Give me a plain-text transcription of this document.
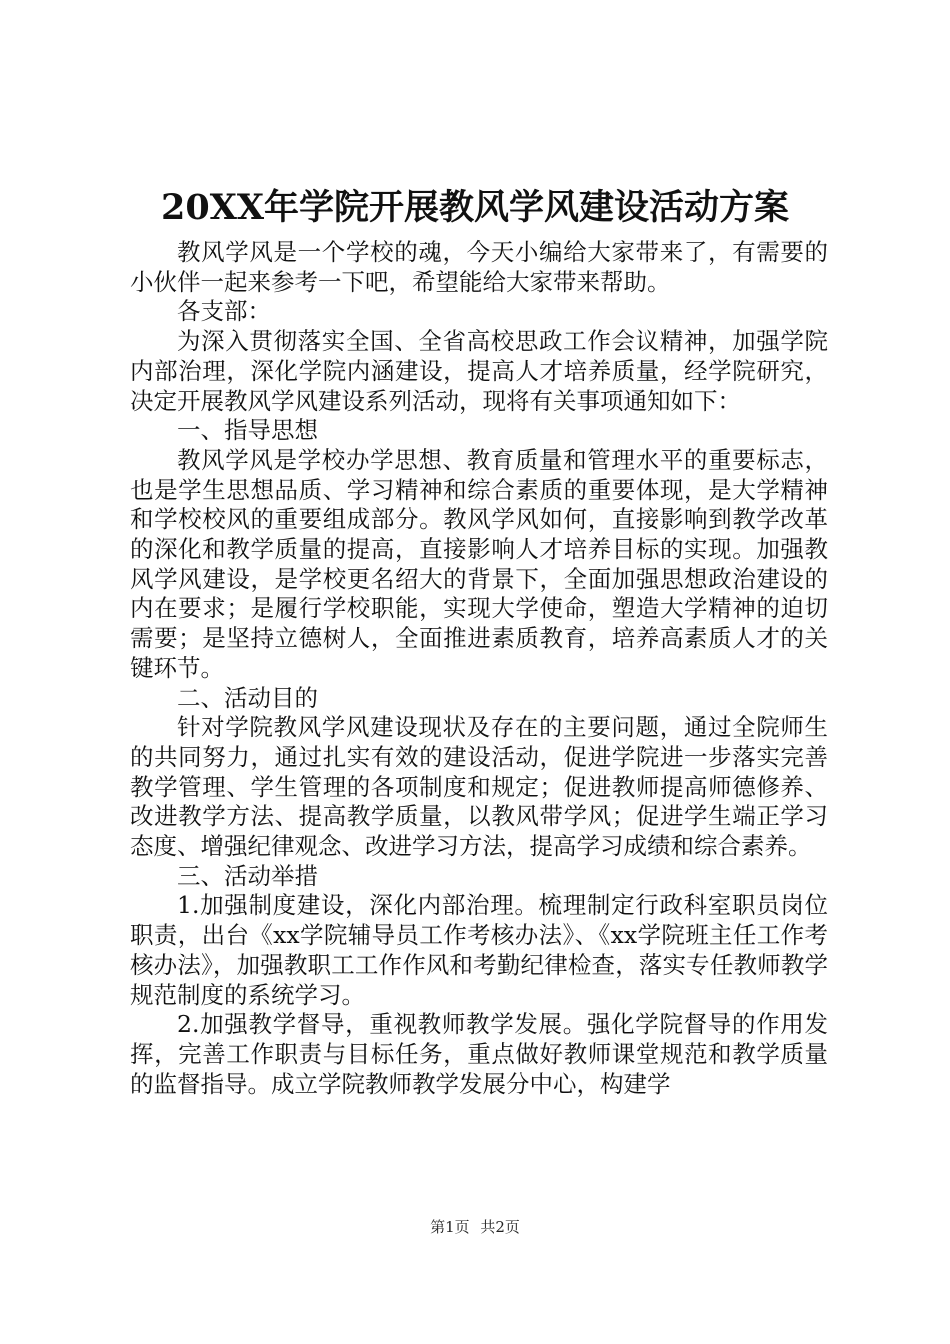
20XX年学院开展教风学风建设活动方案

教风学风是一个学校的魂，今天小编给大家带来了，有需要的小伙伴一起来参考一下吧，希望能给大家带来帮助。

各支部：

为深入贯彻落实全国、全省高校思政工作会议精神，加强学院内部治理，深化学院内涵建设，提高人才培养质量，经学院研究，决定开展教风学风建设系列活动，现将有关事项通知如下：

一、指导思想

教风学风是学校办学思想、教育质量和管理水平的重要标志，也是学生思想品质、学习精神和综合素质的重要体现，是大学精神和学校校风的重要组成部分。教风学风如何，直接影响到教学改革的深化和教学质量的提高，直接影响人才培养目标的实现。加强教风学风建设，是学校更名绍大的背景下，全面加强思想政治建设的内在要求；是履行学校职能，实现大学使命，塑造大学精神的迫切需要；是坚持立德树人，全面推进素质教育，培养高素质人才的关键环节。

二、活动目的

针对学院教风学风建设现状及存在的主要问题，通过全院师生的共同努力，通过扎实有效的建设活动，促进学院进一步落实完善教学管理、学生管理的各项制度和规定；促进教师提高师德修养、改进教学方法、提高教学质量，以教风带学风；促进学生端正学习态度、增强纪律观念、改进学习方法，提高学习成绩和综合素养。

三、活动举措

1.加强制度建设，深化内部治理。梳理制定行政科室职员岗位职责，出台《xx学院辅导员工作考核办法》、《xx学院班主任工作考核办法》，加强教职工工作作风和考勤纪律检查，落实专任教师教学规范制度的系统学习。

2.加强教学督导，重视教师教学发展。强化学院督导的作用发挥，完善工作职责与目标任务，重点做好教师课堂规范和教学质量的监督指导。成立学院教师教学发展分中心，构建学

第1页 共2页
